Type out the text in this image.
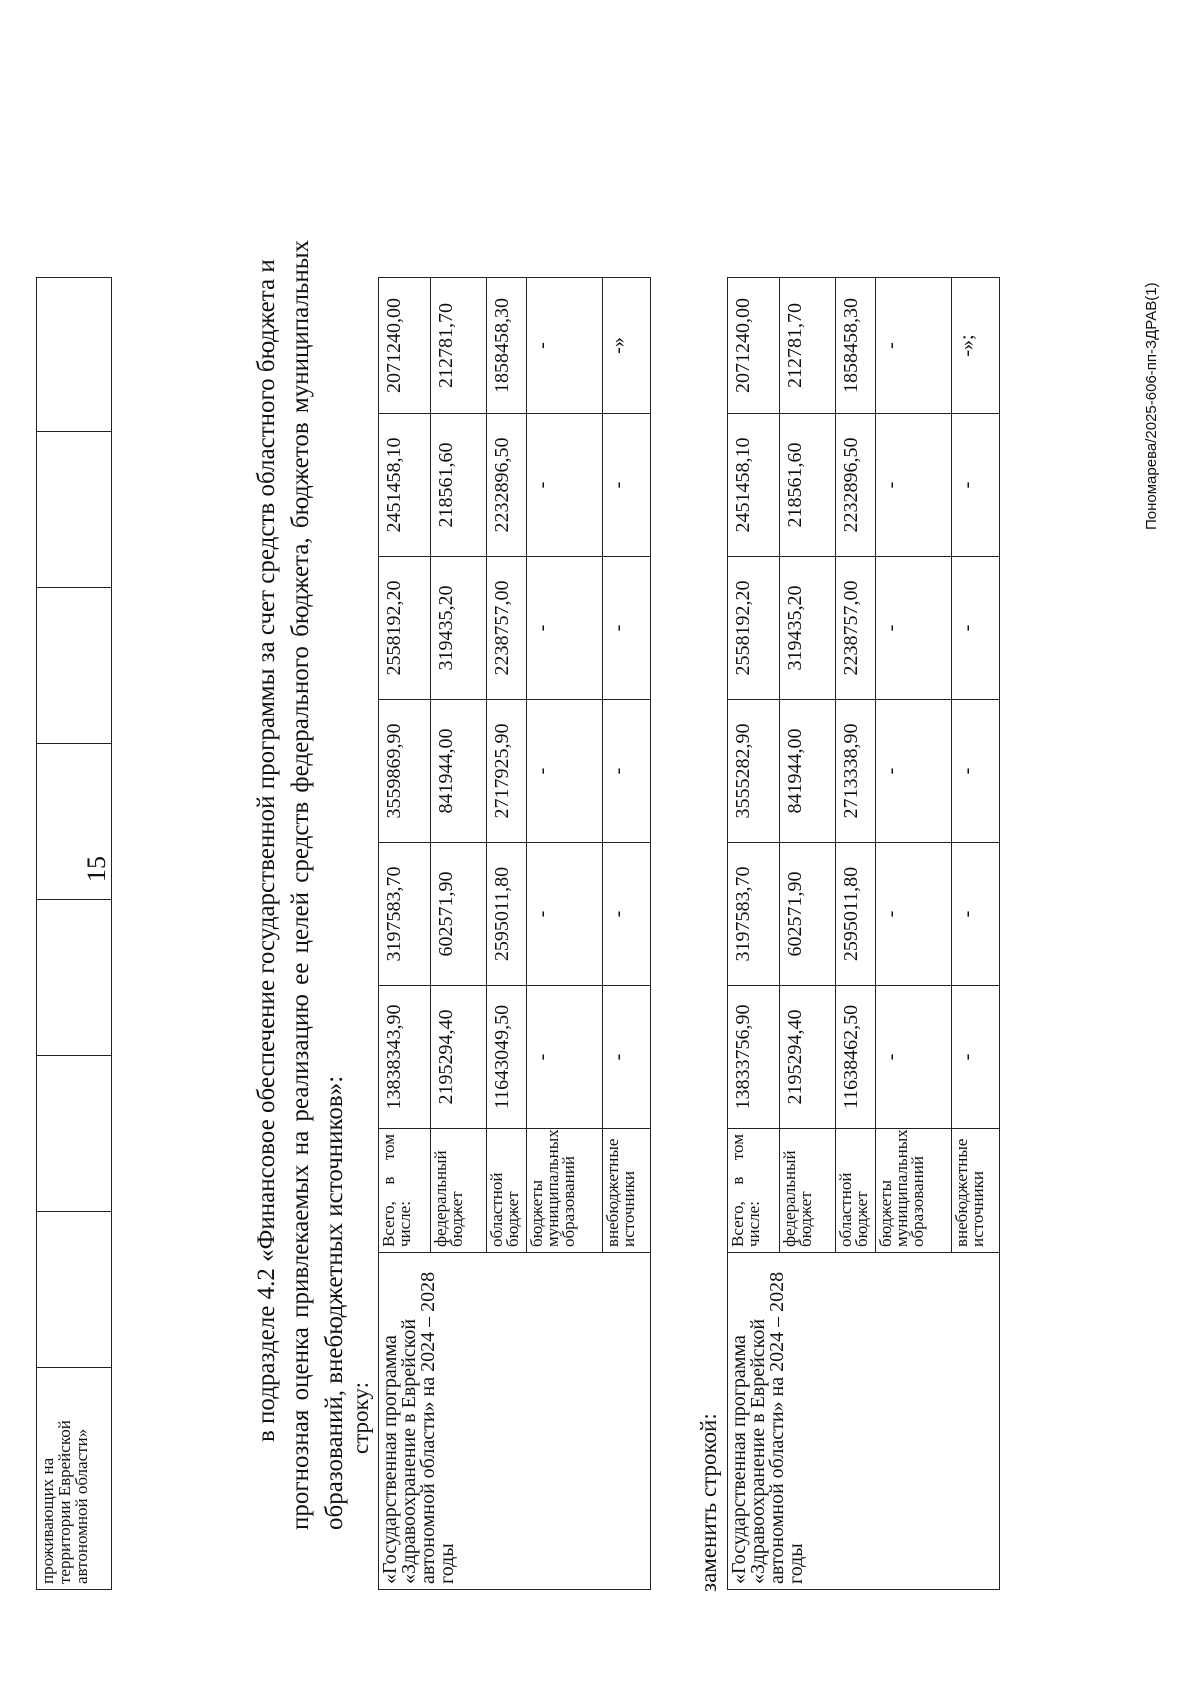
15
проживающих на
территории Еврейской
автономной области»

в подразделе 4.2 «Финансовое обеспечение государственной программы за счет средств областного бюджета и прогнозная оценка привлекаемых на реализацию ее целей средств федерального бюджета, бюджетов муниципальных образований, внебюджетных источников»: строку: «Государственная программа «Здравоохранение в Еврейской автономной области» на 2024 – 2028 годы	Всего, в том
числе:	13838343,90	3197583,70	3559869,90	2558192,20	2451458,10	2071240,00

	федеральный
бюджет	2195294,40	602571,90	841944,00	319435,20	218561,60	212781,70

	областной
бюджет	11643049,50	2595011,80	2717925,90	2238757,00	2232896,50	1858458,30

	бюджеты
муниципальных
образований	-	-	-	-	-	-

	внебюджетные
источники	-	-	-	-	-	-»
заменить строкой: «Государственная программа «Здравоохранение в Еврейской автономной области» на 2024 – 2028 годы	Всего, в том
числе:	13833756,90	3197583,70	3555282,90	2558192,20	2451458,10	2071240,00

	федеральный
бюджет	2195294,40	602571,90	841944,00	319435,20	218561,60	212781,70

	областной
бюджет	11638462,50	2595011,80	2713338,90	2238757,00	2232896,50	1858458,30

	бюджеты
муниципальных
образований	-	-	-	-	-	-

	внебюджетные
источники	-	-	-	-	-	-»;	Пономарева/2025-606-пп-ЗДРАВ(1)
